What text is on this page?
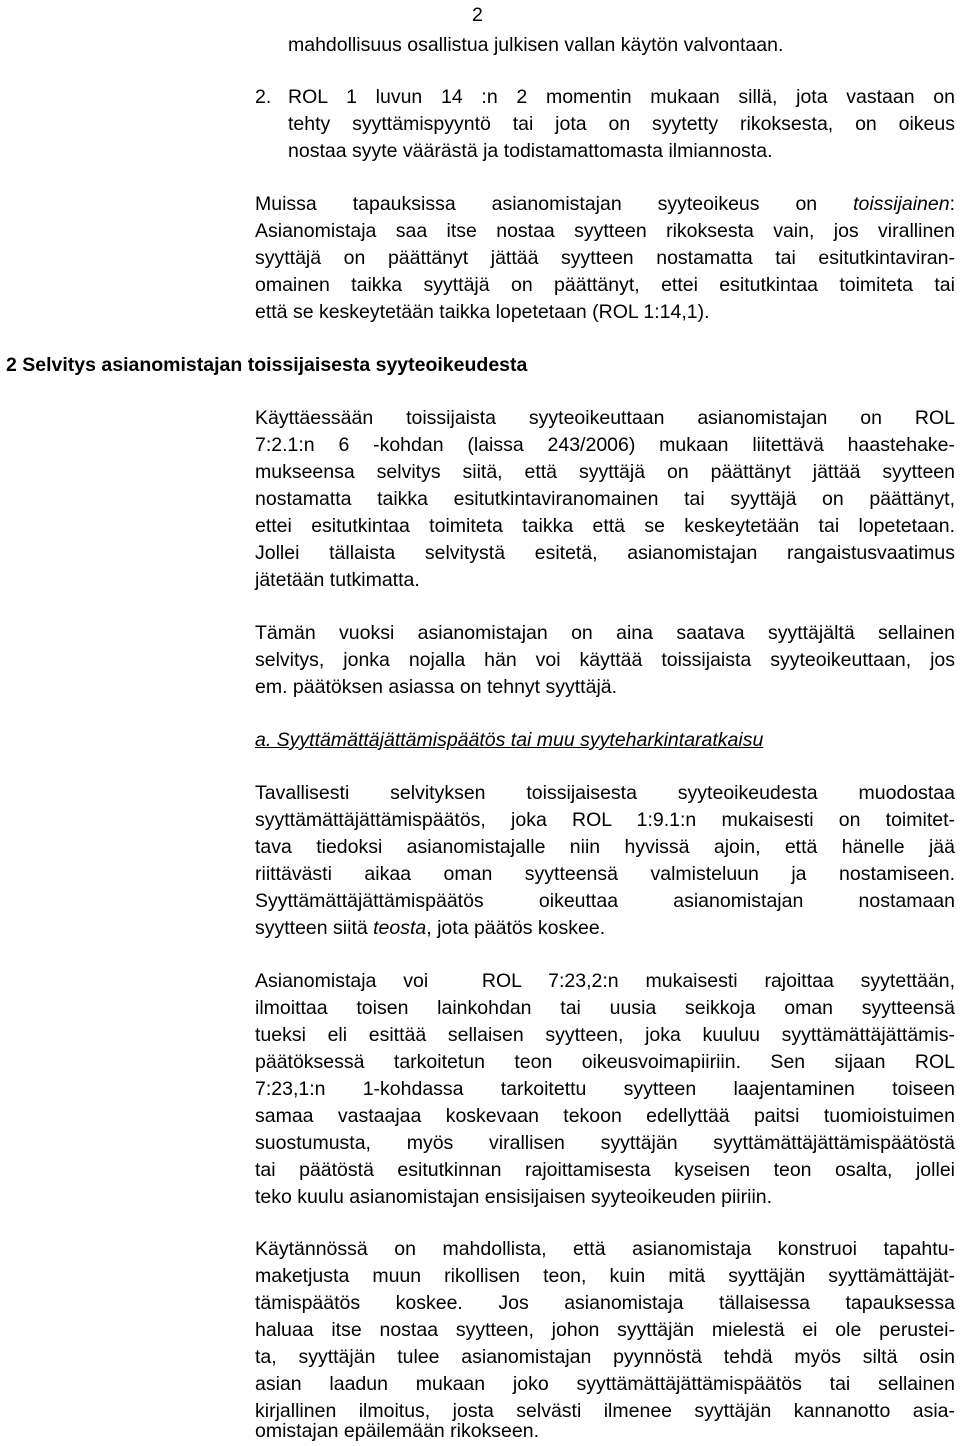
2
mahdollisuus osallistua julkisen vallan käytön valvontaan.
2. ROL 1 luvun 14 :n 2 momentin mukaan sillä, jota vastaan on
tehty syyttämispyyntö tai jota on syytetty rikoksesta, on oikeus
nostaa syyte väärästä ja todistamattomasta ilmiannosta.
Muissa tapauksissa asianomistajan syyteoikeus on toissijainen:
Asianomistaja saa itse nostaa syytteen rikoksesta vain, jos virallinen
syyttäjä on päättänyt jättää syytteen nostamatta tai esitutkintaviran-
omainen taikka syyttäjä on päättänyt, ettei esitutkintaa toimiteta tai
että se keskeytetään taikka lopetetaan (ROL 1:14,1).
2 Selvitys asianomistajan toissijaisesta syyteoikeudesta
Käyttäessään toissijaista syyteoikeuttaan asianomistajan on ROL
7:2.1:n 6 -kohdan (laissa 243/2006) mukaan liitettävä haastehake-
mukseensa selvitys siitä, että syyttäjä on päättänyt jättää syytteen
nostamatta taikka esitutkintaviranomainen tai syyttäjä on päättänyt,
ettei esitutkintaa toimiteta taikka että se keskeytetään tai lopetetaan.
Jollei tällaista selvitystä esitetä, asianomistajan rangaistusvaatimus
jätetään tutkimatta.
Tämän vuoksi asianomistajan on aina saatava syyttäjältä sellainen
selvitys, jonka nojalla hän voi käyttää toissijaista syyteoikeuttaan, jos
em. päätöksen asiassa on tehnyt syyttäjä.
a. Syyttämättäjättämispäätös tai muu syyteharkintaratkaisu
Tavallisesti selvityksen toissijaisesta syyteoikeudesta muodostaa
syyttämättäjättämispäätös, joka ROL 1:9.1:n mukaisesti on toimitet-
tava tiedoksi asianomistajalle niin hyvissä ajoin, että hänelle jää
riittävästi aikaa oman syytteensä valmisteluun ja nostamiseen.
Syyttämättäjättämispäätös oikeuttaa asianomistajan nostamaan
syytteen siitä teosta, jota päätös koskee.
Asianomistaja voi  ROL 7:23,2:n mukaisesti rajoittaa syytettään,
ilmoittaa toisen lainkohdan tai uusia seikkoja oman syytteensä
tueksi eli esittää sellaisen syytteen, joka kuuluu syyttämättäjättämis-
päätöksessä tarkoitetun teon oikeusvoimapiiriin. Sen sijaan ROL
7:23,1:n 1-kohdassa tarkoitettu syytteen laajentaminen toiseen
samaa vastaajaa koskevaan tekoon edellyttää paitsi tuomioistuimen
suostumusta, myös virallisen syyttäjän syyttämättäjättämispäätöstä
tai päätöstä esitutkinnan rajoittamisesta kyseisen teon osalta, jollei
teko kuulu asianomistajan ensisijaisen syyteoikeuden piiriin.
Käytännössä on mahdollista, että asianomistaja konstruoi tapahtu-
maketjusta muun rikollisen teon, kuin mitä syyttäjän syyttämättäjät-
tämispäätös koskee. Jos asianomistaja tällaisessa tapauksessa
haluaa itse nostaa syytteen, johon syyttäjän mielestä ei ole perustei-
ta, syyttäjän tulee asianomistajan pyynnöstä tehdä myös siltä osin
asian laadun mukaan joko syyttämättäjättämispäätös tai sellainen
kirjallinen ilmoitus, josta selvästi ilmenee syyttäjän kannanotto asia-
omistajan epäilemään rikokseen.
